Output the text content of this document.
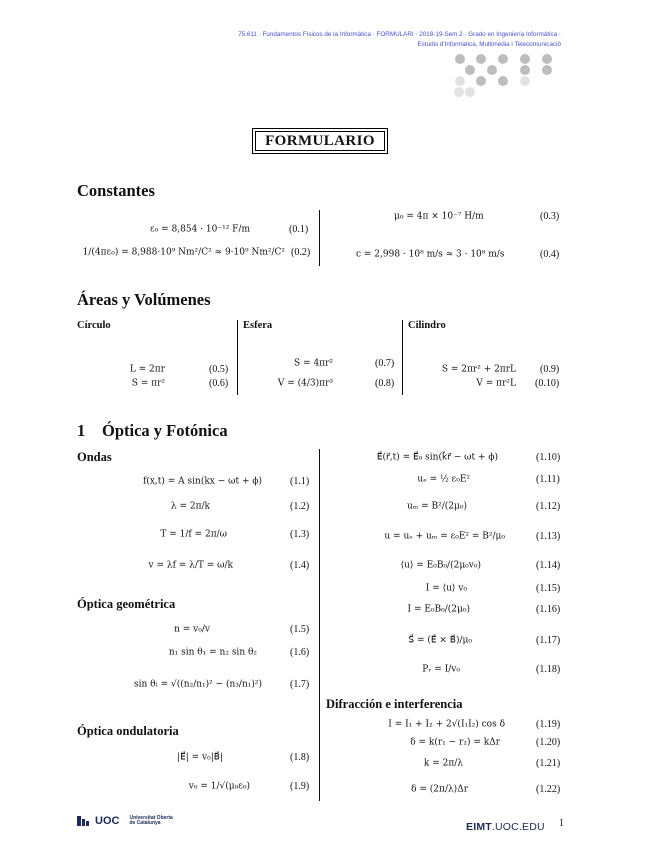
75.611 · Fundamentos Físicos de la Informática · FORMULARI · 2018-19-Sem.2 · Grado en Ingeniería Informática ·
Estudis d'Informàtica, Multimèdia i Telecomunicació
FORMULARIO
Constantes
ε₀ = 8,854 · 10⁻¹² F/m	(0.1)
1/(4πε₀) = 8,988·10⁹ Nm²/C² ≈ 9·10⁹ Nm²/C² (0.2)
μ₀ = 4π × 10⁻⁷ H/m	(0.3)
c = 2,998 · 10⁸ m/s ≈ 3 · 10⁸ m/s	(0.4)
Áreas y Volúmenes
Círculo
L = 2πr	(0.5)
S = πr²	(0.6)
Esfera
S = 4πr²	(0.7)
V = (4/3)πr³	(0.8)
Cilindro
S = 2πr² + 2πrL (0.9)
V = πr²L (0.10)
1 Óptica y Fotónica
Ondas
f(x,t) = A sin(kx − ωt + ϕ)	(1.1)
λ = 2π/k	(1.2)
T = 1/f = 2π/ω	(1.3)
v = λf = λ/T = ω/k	(1.4)
Óptica geométrica
n = v₀/v	(1.5)
n₁ sin θ₁ = n₂ sin θ₂	(1.6)
sin θₗ = √((n₂/n₁)² − (n₃/n₁)²)	(1.7)
Óptica ondulatoria
|E⃗| = v₀|B⃗|	(1.8)
v₀ = 1/√(μ₀ε₀)	(1.9)
E⃗(r⃗,t) = E⃗₀ sin(k⃗r⃗ − ωt + ϕ)	(1.10)
uₑ = ½ ε₀E²	(1.11)
uₘ = B²/(2μ₀)	(1.12)
u = uₑ + uₘ = ε₀E² = B²/μ₀	(1.13)
⟨u⟩ = E₀B₀/(2μ₀v₀)	(1.14)
I = ⟨u⟩ v₀	(1.15)
I = E₀B₀/(2μ₀)	(1.16)
S⃗ = (E⃗ × B⃗)/μ₀	(1.17)
Pᵣ = I/v₀	(1.18)
Difracción e interferencia
I = I₁ + I₂ + 2√(I₁I₂) cos δ	(1.19)
δ = k(r₁ − r₂) = kΔr	(1.20)
k = 2π/λ	(1.21)
δ = (2π/λ)Δr	(1.22)
UOC Universitat Oberta
de Catalunya	EIMT.UOC.EDU 1
